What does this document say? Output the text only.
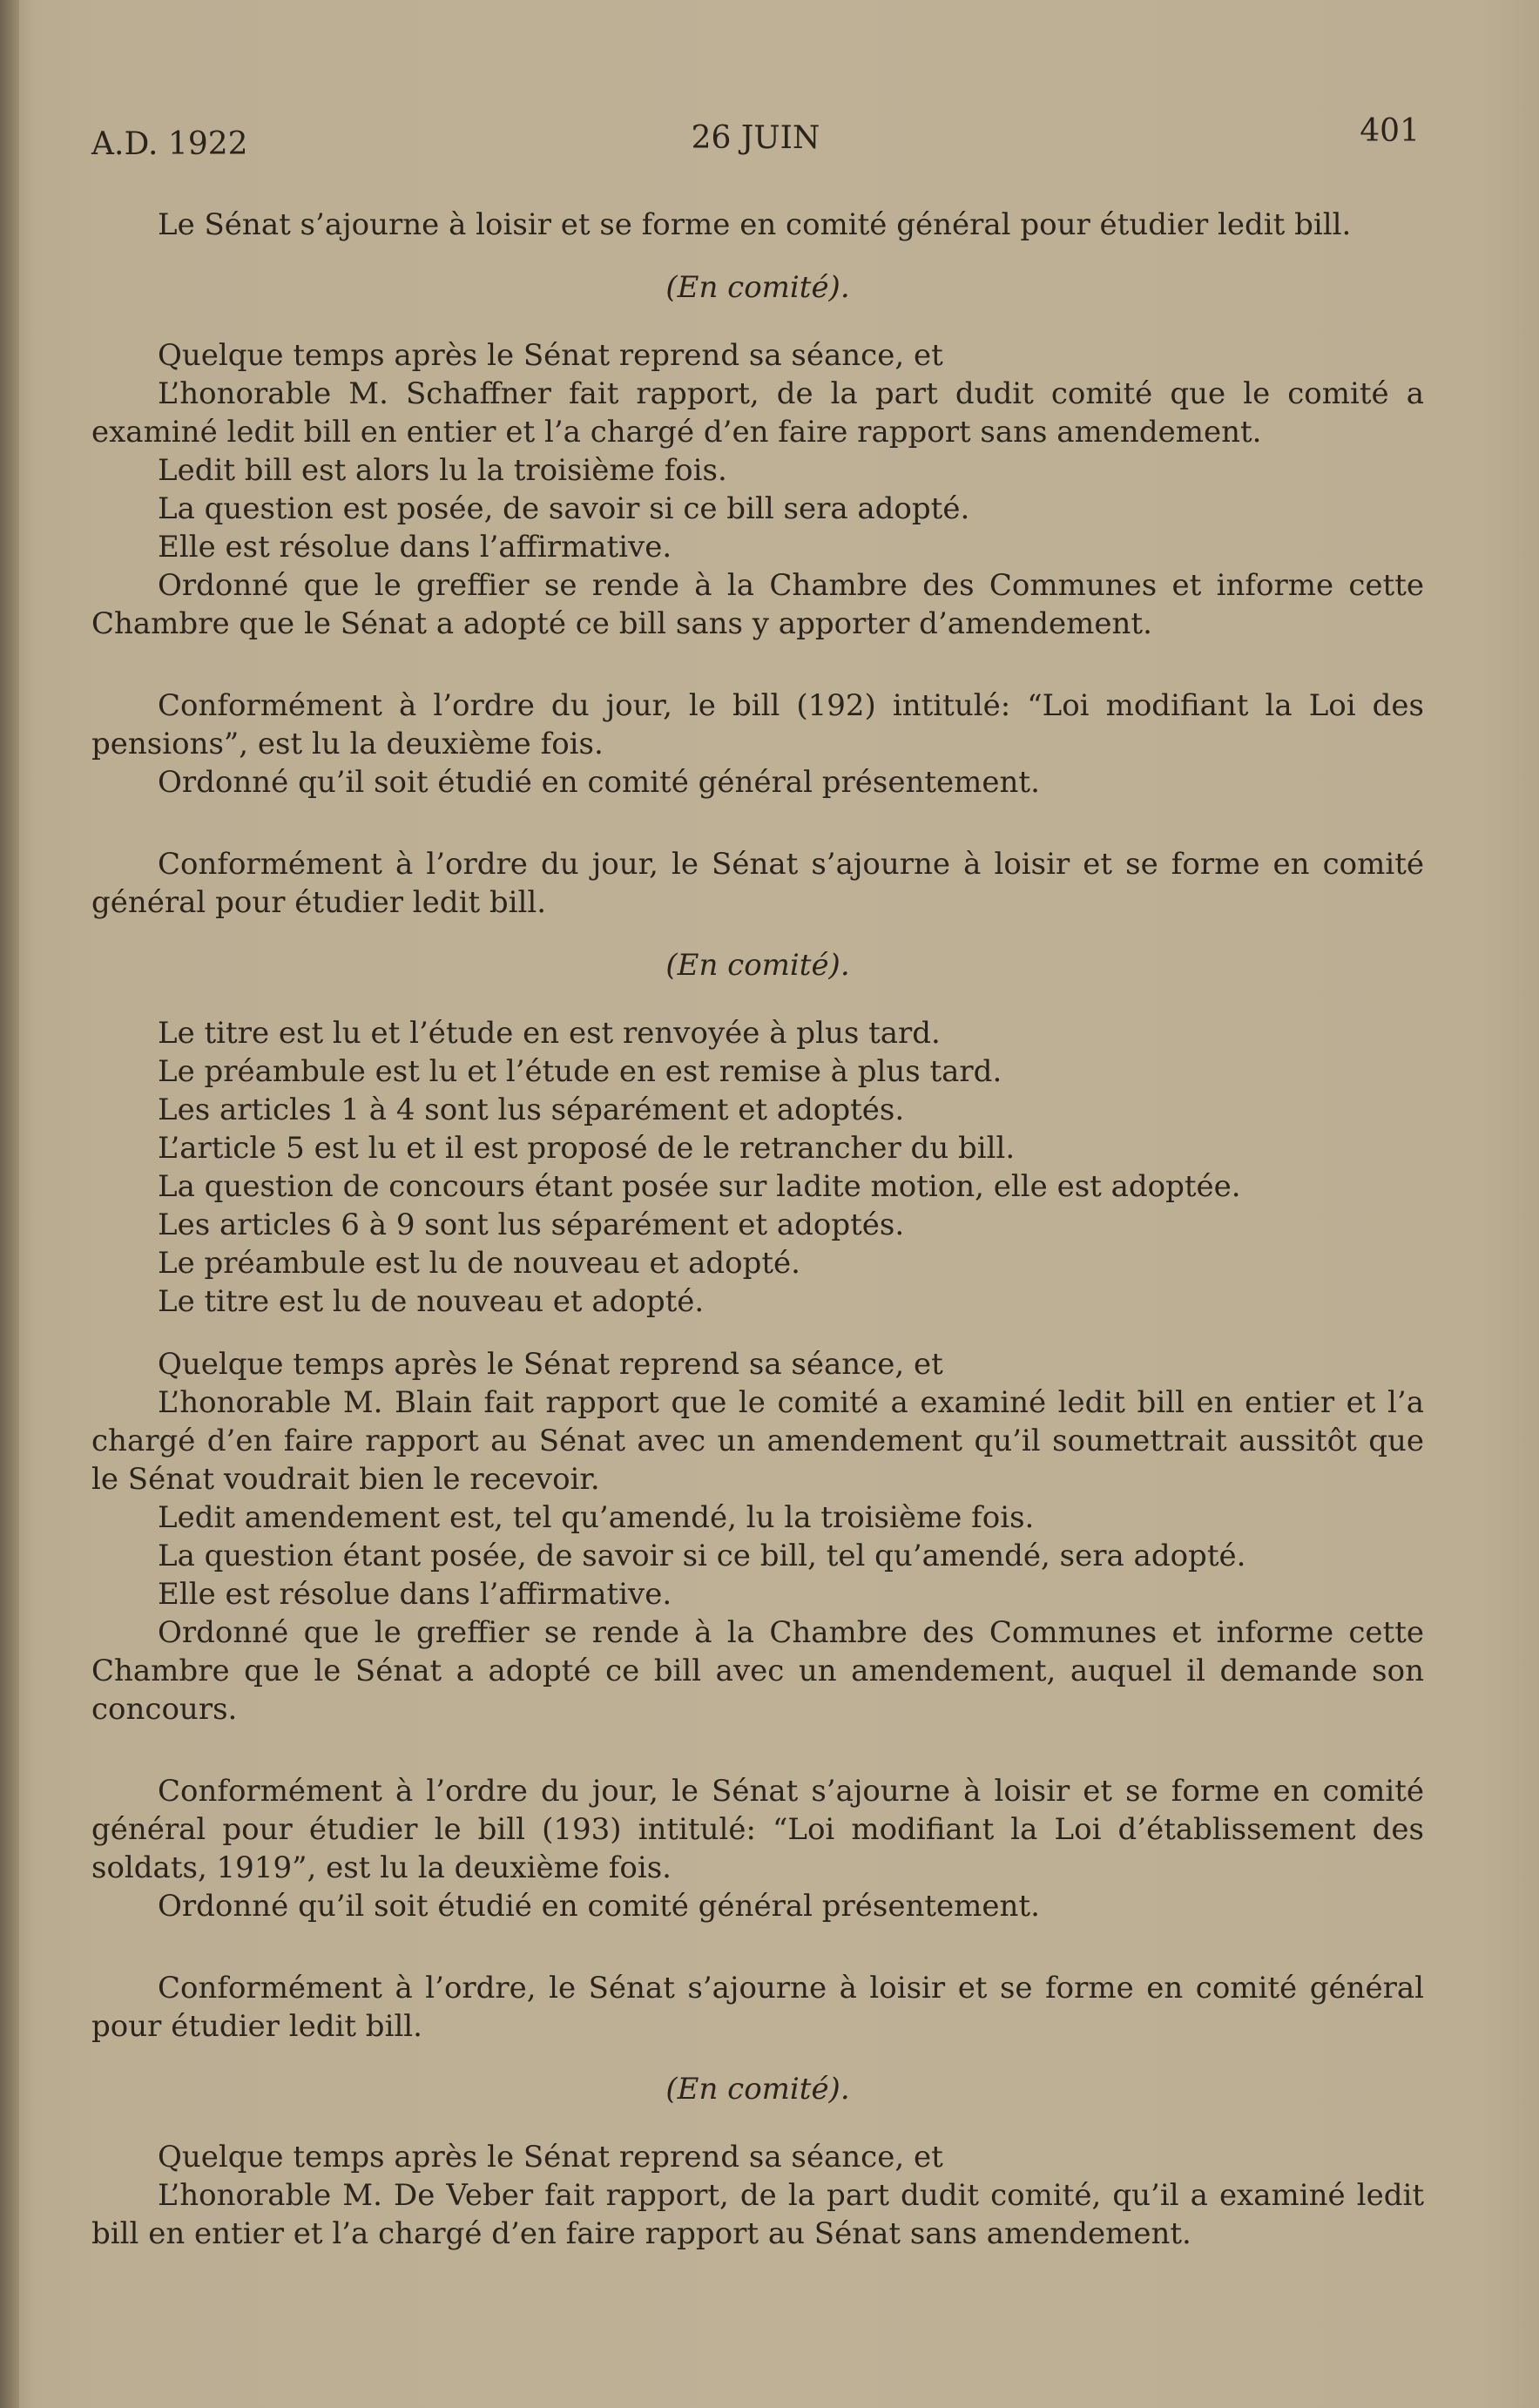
A.D. 1922	26 JUIN	401

Le Sénat s’ajourne à loisir et se forme en comité général pour étudier ledit bill.

(En comité).

Quelque temps après le Sénat reprend sa séance, et

L’honorable M. Schaffner fait rapport, de la part dudit comité que le comité a examiné ledit bill en entier et l’a chargé d’en faire rapport sans amendement.

Ledit bill est alors lu la troisième fois.

La question est posée, de savoir si ce bill sera adopté.

Elle est résolue dans l’affirmative.

Ordonné que le greffier se rende à la Chambre des Communes et informe cette Chambre que le Sénat a adopté ce bill sans y apporter d’amendement.

Conformément à l’ordre du jour, le bill (192) intitulé: “Loi modifiant la Loi des pensions”, est lu la deuxième fois.

Ordonné qu’il soit étudié en comité général présentement.

Conformément à l’ordre du jour, le Sénat s’ajourne à loisir et se forme en comité général pour étudier ledit bill.

(En comité).

Le titre est lu et l’étude en est renvoyée à plus tard.

Le préambule est lu et l’étude en est remise à plus tard.

Les articles 1 à 4 sont lus séparément et adoptés.

L’article 5 est lu et il est proposé de le retrancher du bill.

La question de concours étant posée sur ladite motion, elle est adoptée.

Les articles 6 à 9 sont lus séparément et adoptés.

Le préambule est lu de nouveau et adopté.

Le titre est lu de nouveau et adopté.

Quelque temps après le Sénat reprend sa séance, et

L’honorable M. Blain fait rapport que le comité a examiné ledit bill en entier et l’a chargé d’en faire rapport au Sénat avec un amendement qu’il soumettrait aussitôt que le Sénat voudrait bien le recevoir.

Ledit amendement est, tel qu’amendé, lu la troisième fois.

La question étant posée, de savoir si ce bill, tel qu’amendé, sera adopté.

Elle est résolue dans l’affirmative.

Ordonné que le greffier se rende à la Chambre des Communes et informe cette Chambre que le Sénat a adopté ce bill avec un amendement, auquel il demande son concours.

Conformément à l’ordre du jour, le Sénat s’ajourne à loisir et se forme en comité général pour étudier le bill (193) intitulé: “Loi modifiant la Loi d’établissement des soldats, 1919”, est lu la deuxième fois.

Ordonné qu’il soit étudié en comité général présentement.

Conformément à l’ordre, le Sénat s’ajourne à loisir et se forme en comité général pour étudier ledit bill.

(En comité).

Quelque temps après le Sénat reprend sa séance, et

L’honorable M. De Veber fait rapport, de la part dudit comité, qu’il a examiné ledit bill en entier et l’a chargé d’en faire rapport au Sénat sans amendement.
